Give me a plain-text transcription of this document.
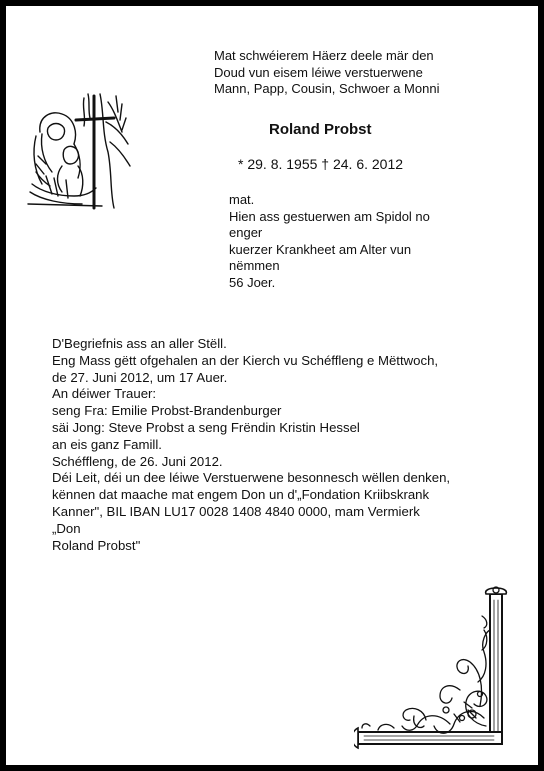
Mat schwéierem Häerz deele mär den
Doud vun eisem léiwe verstuerwene
Mann, Papp, Cousin, Schwoer a Monni
Roland Probst
* 29. 8. 1955 † 24. 6. 2012
mat.
Hien ass gestuerwen am Spidol no
enger
kuerzer Krankheet am Alter vun
nëmmen
56 Joer.
D'Begriefnis ass an aller Stëll.
Eng Mass gëtt ofgehalen an der Kierch vu Schéffleng e Mëttwoch,
de 27. Juni 2012, um 17 Auer.
An déiwer Trauer:
seng Fra: Emilie Probst-Brandenburger
säi Jong: Steve Probst a seng Frëndin Kristin Hessel
an eis ganz Famill.
Schéffleng, de 26. Juni 2012.
Déi Leit, déi un dee léiwe Verstuerwene besonnesch wëllen denken,
kënnen dat maache mat engem Don un d'„Fondation Kriibskrank
Kanner", BIL IBAN LU17 0028 1408 4840 0000, mam Vermierk
„Don
Roland Probst"
